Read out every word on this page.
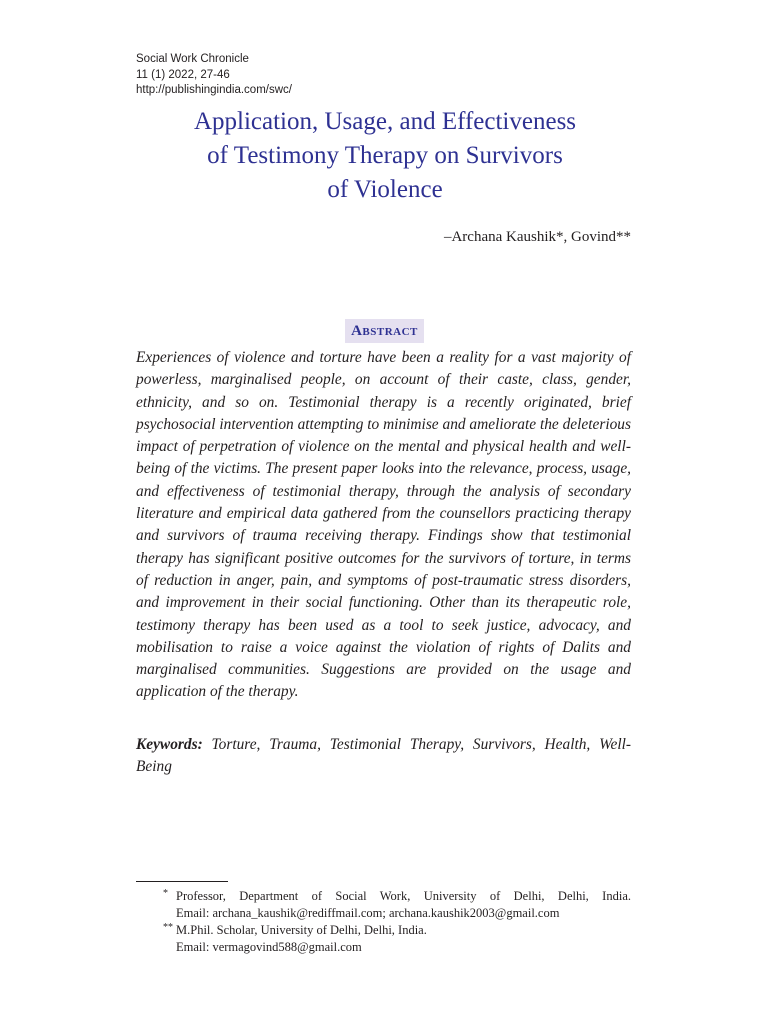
Social Work Chronicle
11 (1) 2022, 27-46
http://publishingindia.com/swc/
Application, Usage, and Effectiveness
of Testimony Therapy on Survivors
of Violence
–Archana Kaushik*, Govind**
Abstract

Experiences of violence and torture have been a reality for a vast majority of powerless, marginalised people, on account of their caste, class, gender, ethnicity, and so on. Testimonial therapy is a recently originated, brief psychosocial intervention attempting to minimise and ameliorate the deleterious impact of perpetration of violence on the mental and physical health and well-being of the victims. The present paper looks into the relevance, process, usage, and effectiveness of testimonial therapy, through the analysis of secondary literature and empirical data gathered from the counsellors practicing therapy and survivors of trauma receiving therapy. Findings show that testimonial therapy has significant positive outcomes for the survivors of torture, in terms of reduction in anger, pain, and symptoms of post-traumatic stress disorders, and improvement in their social functioning. Other than its therapeutic role, testimony therapy has been used as a tool to seek justice, advocacy, and mobilisation to raise a voice against the violation of rights of Dalits and marginalised communities. Suggestions are provided on the usage and application of the therapy.

Keywords: Torture, Trauma, Testimonial Therapy, Survivors, Health, Well-Being

* Professor, Department of Social Work, University of Delhi, Delhi, India.
Email: archana_kaushik@rediffmail.com; archana.kaushik2003@gmail.com
** M.Phil. Scholar, University of Delhi, Delhi, India.
Email: vermagovind588@gmail.com
